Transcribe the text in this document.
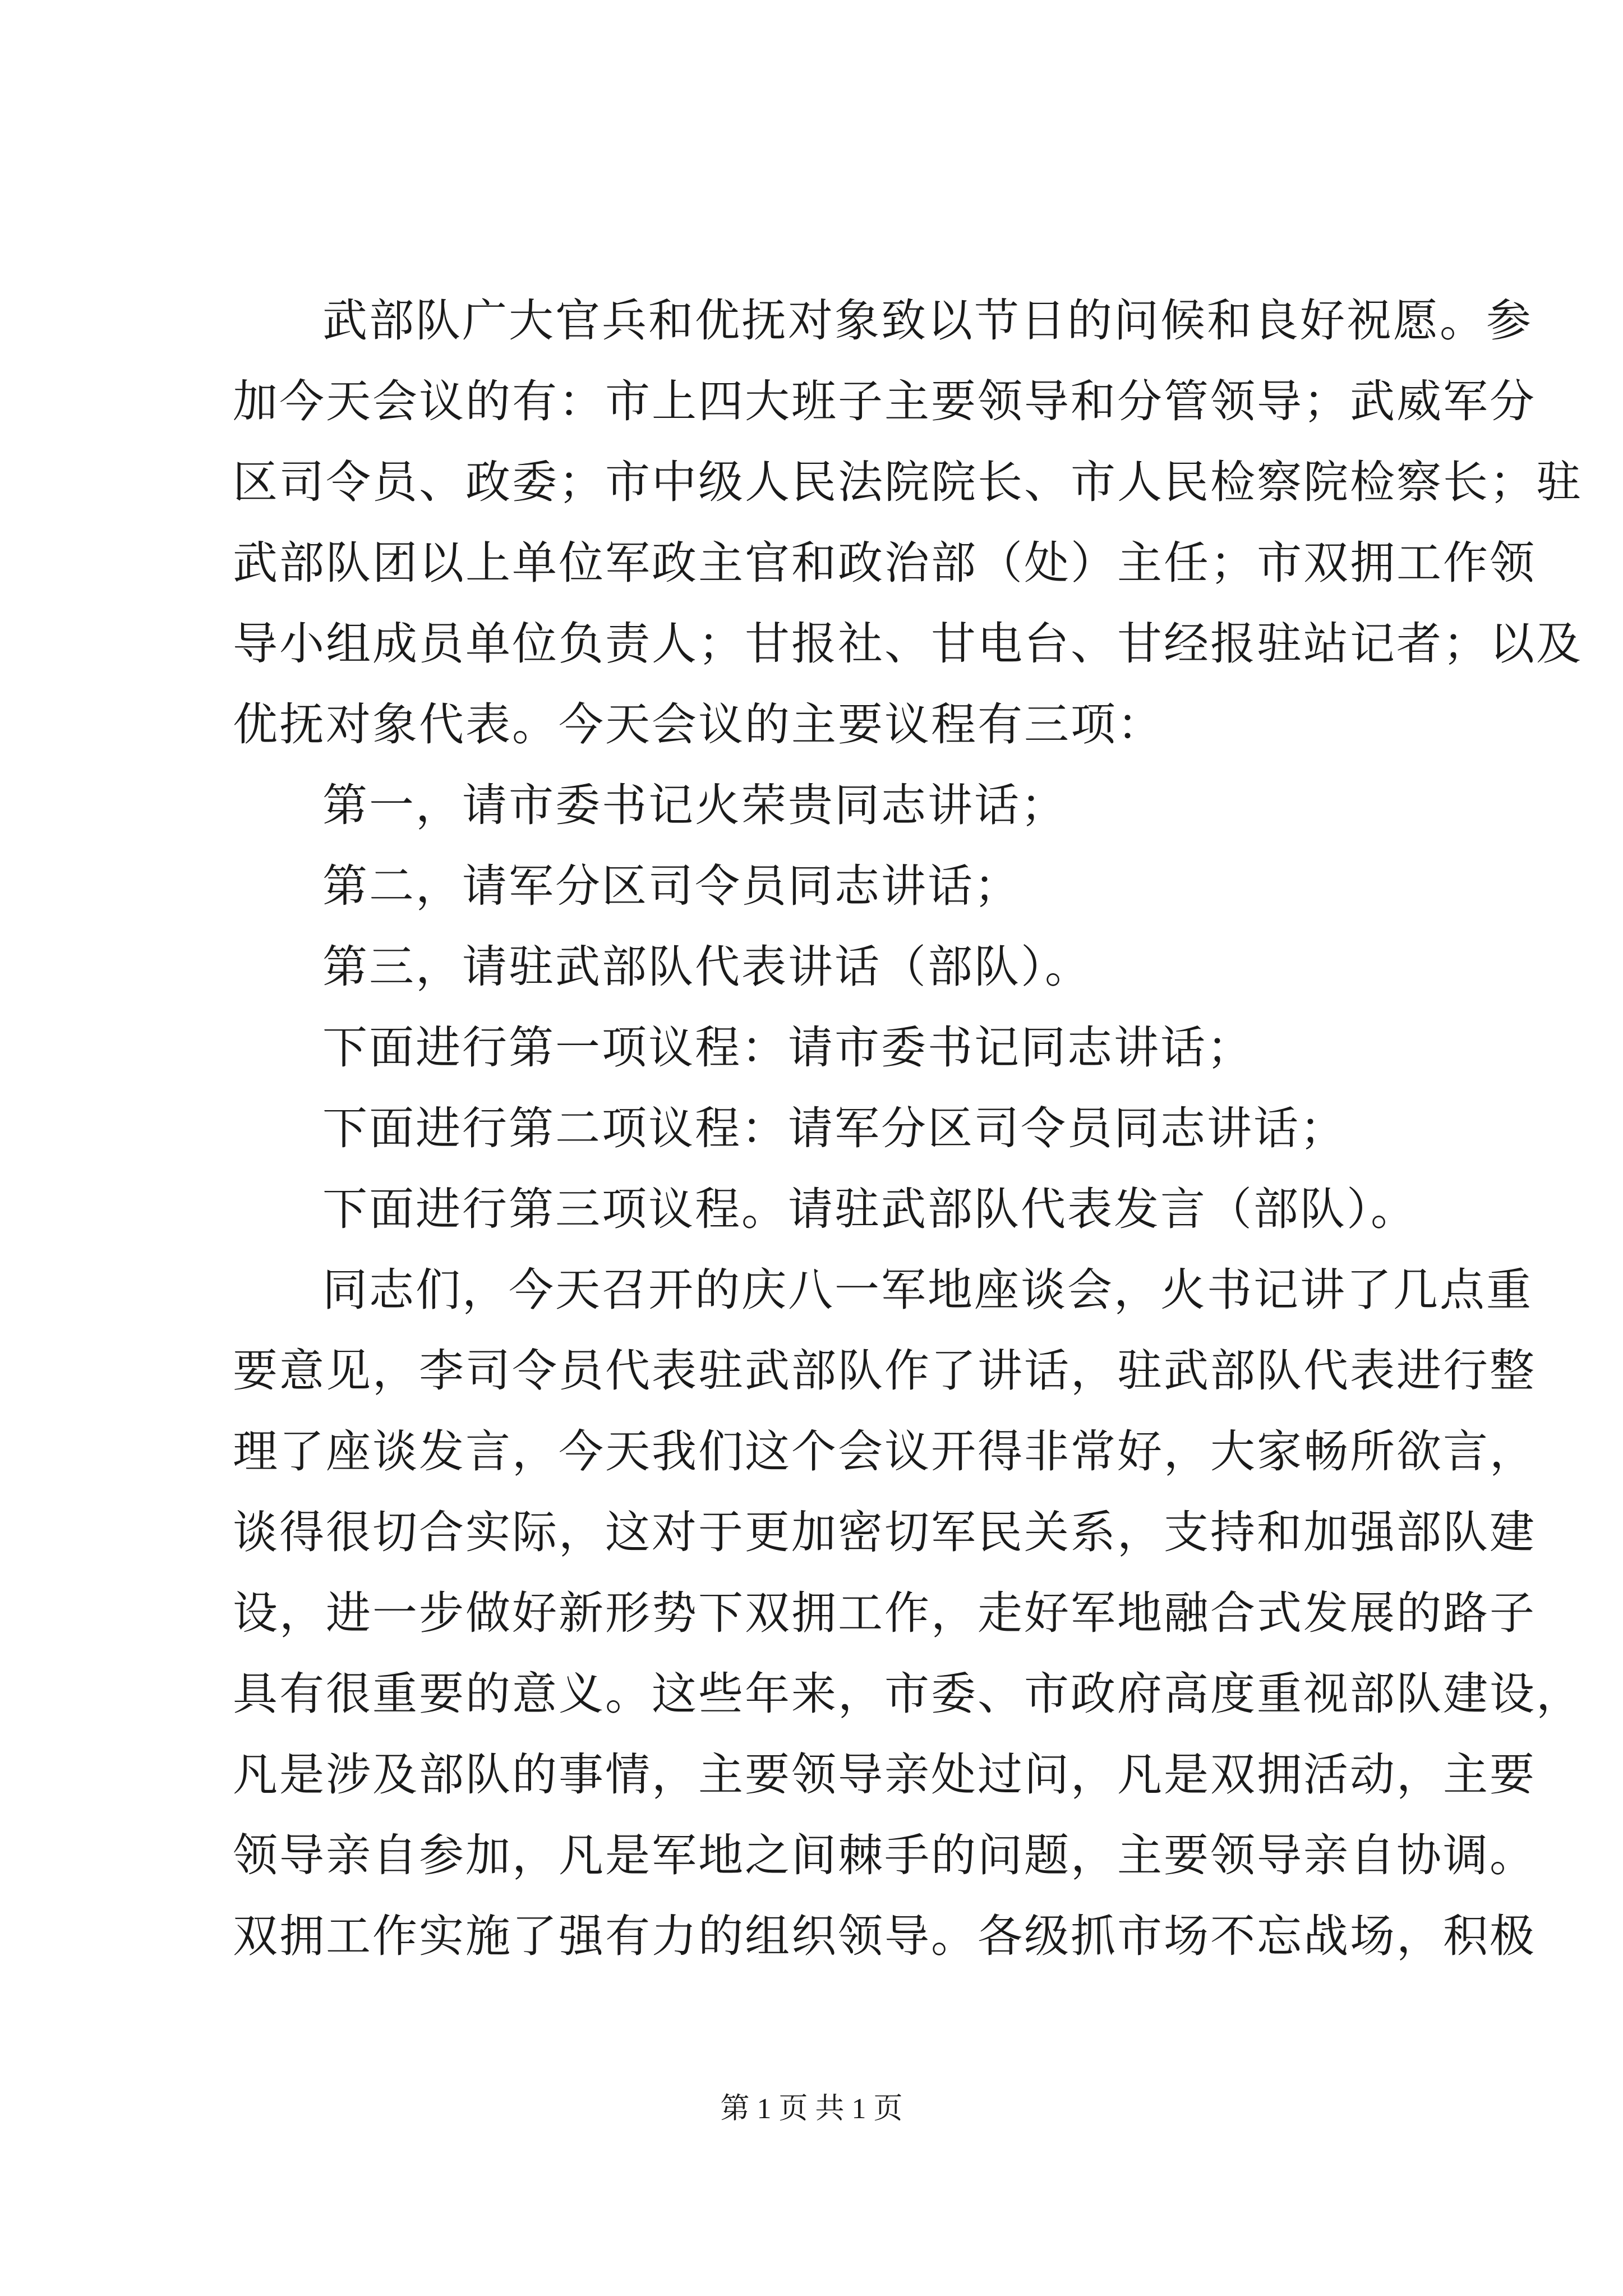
武部队广大官兵和优抚对象致以节日的问候和良好祝愿。参
加今天会议的有：市上四大班子主要领导和分管领导；武威军分
区司令员、政委；市中级人民法院院长、市人民检察院检察长；驻
武部队团以上单位军政主官和政治部（处）主任；市双拥工作领
导小组成员单位负责人；甘报社、甘电台、甘经报驻站记者；以及
优抚对象代表。今天会议的主要议程有三项：
第一，请市委书记火荣贵同志讲话；
第二，请军分区司令员同志讲话；
第三，请驻武部队代表讲话（部队）。
下面进行第一项议程：请市委书记同志讲话；
下面进行第二项议程：请军分区司令员同志讲话；
下面进行第三项议程。请驻武部队代表发言（部队）。
同志们，今天召开的庆八一军地座谈会，火书记讲了几点重
要意见，李司令员代表驻武部队作了讲话，驻武部队代表进行整
理了座谈发言，今天我们这个会议开得非常好，大家畅所欲言，
谈得很切合实际，这对于更加密切军民关系，支持和加强部队建
设，进一步做好新形势下双拥工作，走好军地融合式发展的路子
具有很重要的意义。这些年来，市委、市政府高度重视部队建设，
凡是涉及部队的事情，主要领导亲处过问，凡是双拥活动，主要
领导亲自参加，凡是军地之间棘手的问题，主要领导亲自协调。
双拥工作实施了强有力的组织领导。各级抓市场不忘战场，积极
第 1 页 共 1 页
